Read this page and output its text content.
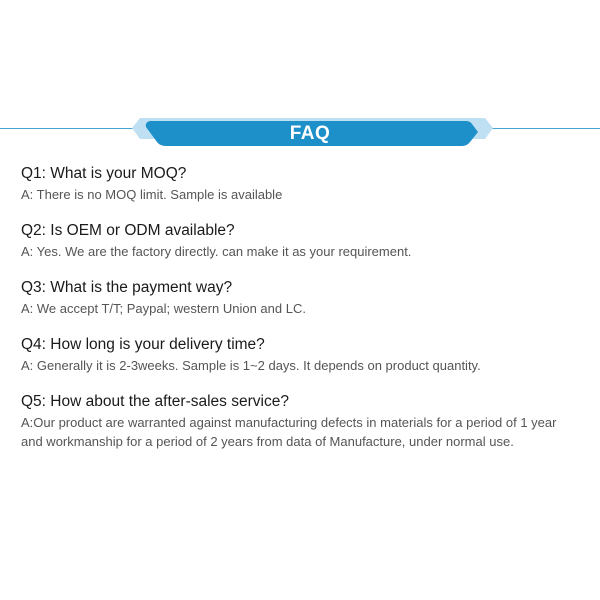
FAQ

Q1: What is your MOQ?

A: There is no MOQ limit. Sample is available

Q2: Is OEM or ODM available?

A: Yes. We are the factory directly. can make it as your requirement.

Q3: What is the payment way?

A: We accept T/T; Paypal; western Union and LC.

Q4: How long is your delivery time?

A: Generally it is 2-3weeks. Sample is 1~2 days. It depends on product quantity.

Q5: How about the after-sales service?

A:Our product are warranted against manufacturing defects in materials for a period of 1 year and workmanship for a period of 2 years from data of Manufacture, under normal use.
